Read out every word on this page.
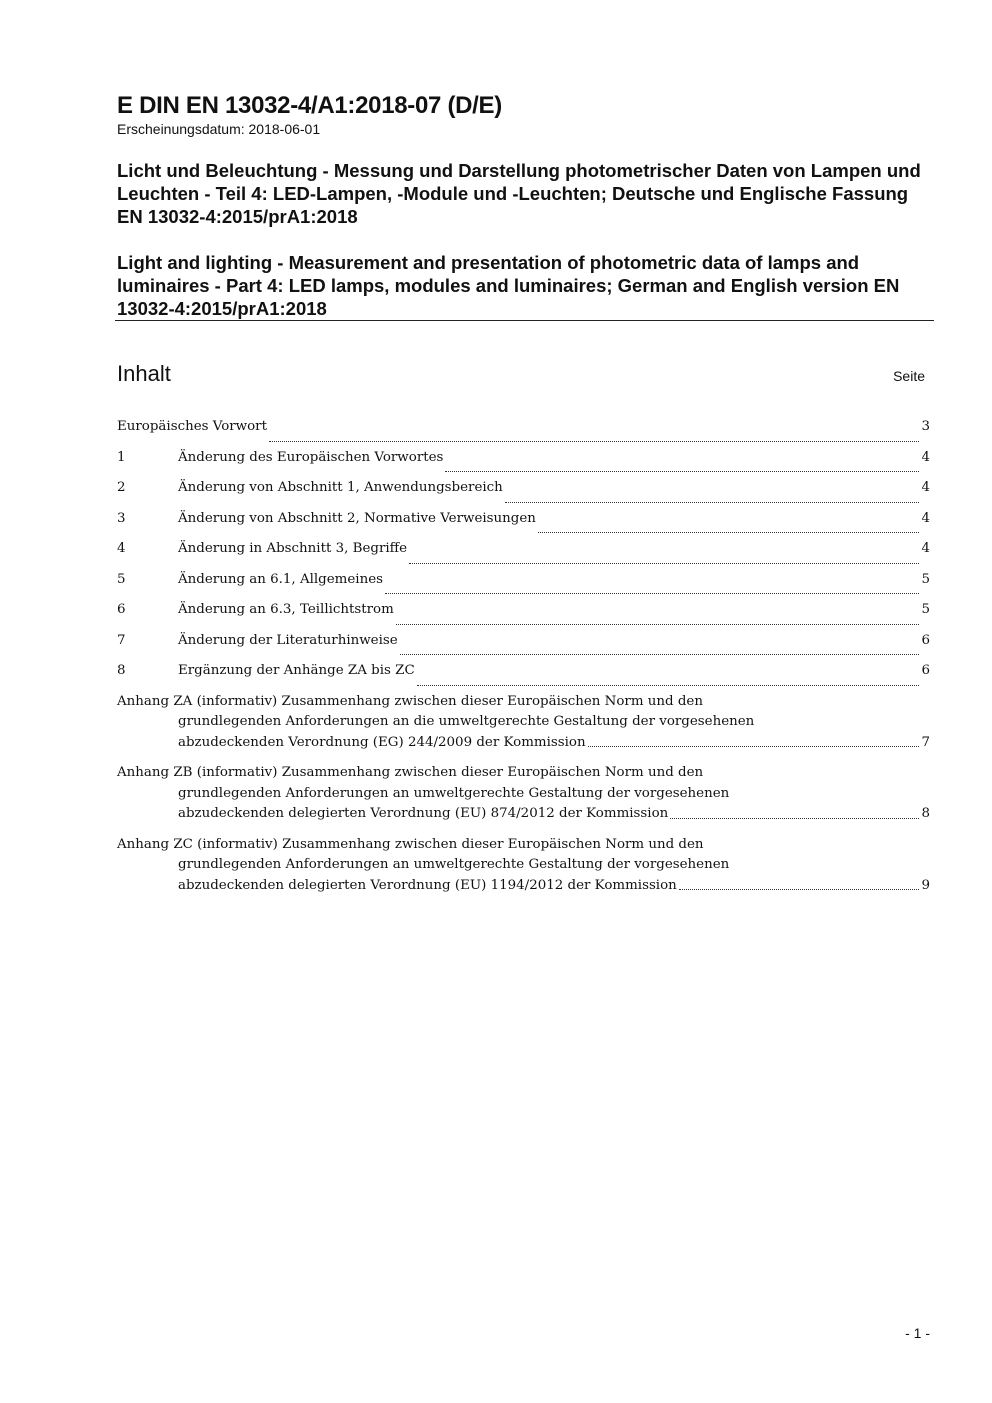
E DIN EN 13032-4/A1:2018-07 (D/E)
Erscheinungsdatum: 2018-06-01
Licht und Beleuchtung - Messung und Darstellung photometrischer Daten von Lampen und Leuchten - Teil 4: LED-Lampen, -Module und -Leuchten; Deutsche und Englische Fassung EN 13032-4:2015/prA1:2018
Light and lighting - Measurement and presentation of photometric data of lamps and luminaires - Part 4: LED lamps, modules and luminaires; German and English version EN 13032-4:2015/prA1:2018
Inhalt	Seite
Europäisches Vorwort	3
1	Änderung des Europäischen Vorwortes	4
2	Änderung von Abschnitt 1, Anwendungsbereich	4
3	Änderung von Abschnitt 2, Normative Verweisungen	4
4	Änderung in Abschnitt 3, Begriffe	4
5	Änderung an 6.1, Allgemeines	5
6	Änderung an 6.3, Teillichtstrom	5
7	Änderung der Literaturhinweise	6
8	Ergänzung der Anhänge ZA bis ZC	6
Anhang ZA (informativ) Zusammenhang zwischen dieser Europäischen Norm und den
grundlegenden Anforderungen an die umweltgerechte Gestaltung der vorgesehenen
abzudeckenden Verordnung (EG) 244/2009 der Kommission	7
Anhang ZB (informativ) Zusammenhang zwischen dieser Europäischen Norm und den
grundlegenden Anforderungen an umweltgerechte Gestaltung der vorgesehenen
abzudeckenden delegierten Verordnung (EU) 874/2012 der Kommission	8
Anhang ZC (informativ) Zusammenhang zwischen dieser Europäischen Norm und den
grundlegenden Anforderungen an umweltgerechte Gestaltung der vorgesehenen
abzudeckenden delegierten Verordnung (EU) 1194/2012 der Kommission	9
- 1 -
